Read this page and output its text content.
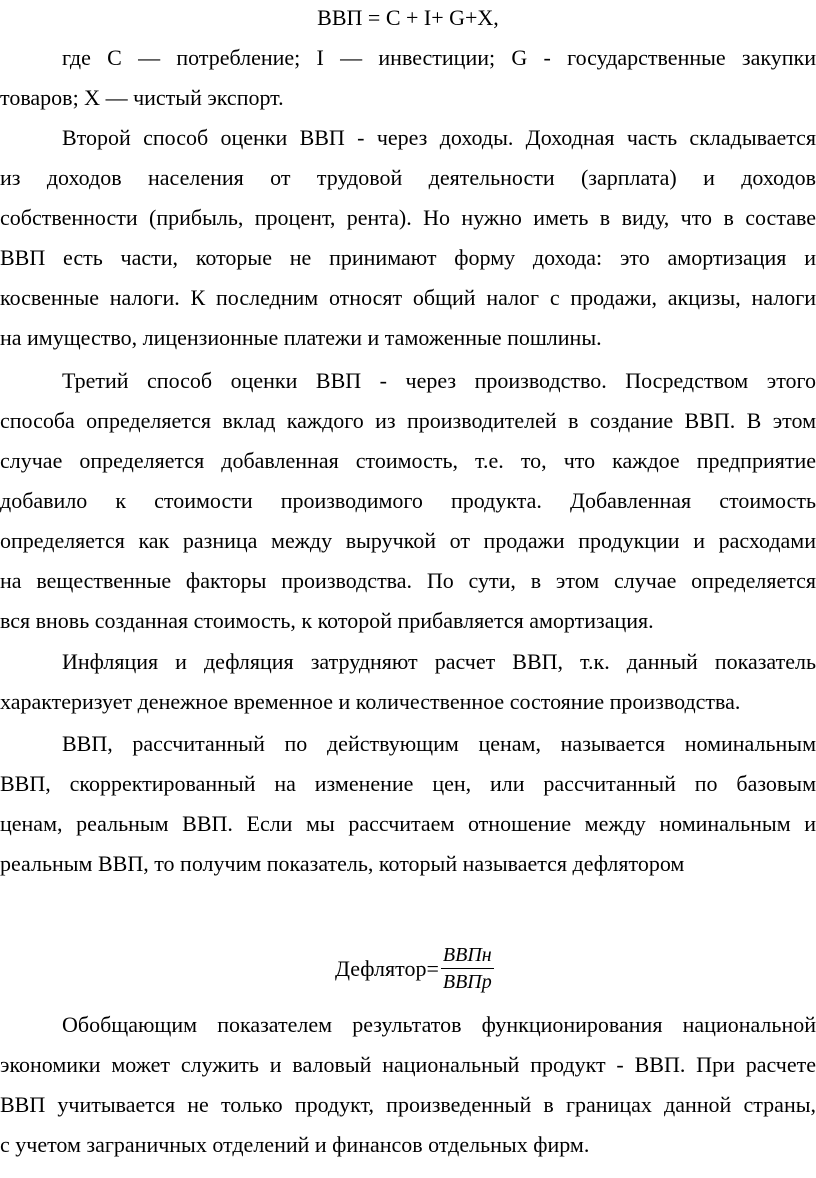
ВВП = С + I+ G+X,
где С — потребление; I — инвестиции; G - государственные закупки
товаров; Х — чистый экспорт.
Второй способ оценки ВВП - через доходы. Доходная часть складывается
из доходов населения от трудовой деятельности (зарплата) и доходов
собственности (прибыль, процент, рента). Но нужно иметь в виду, что в составе
ВВП есть части, которые не принимают форму дохода: это амортизация и
косвенные налоги. К последним относят общий налог с продажи, акцизы, налоги
на имущество, лицензионные платежи и таможенные пошлины.
Третий способ оценки ВВП - через производство. Посредством этого
способа определяется вклад каждого из производителей в создание ВВП. В этом
случае определяется добавленная стоимость, т.е. то, что каждое предприятие
добавило к стоимости производимого продукта. Добавленная стоимость
определяется как разница между выручкой от продажи продукции и расходами
на вещественные факторы производства. По сути, в этом случае определяется
вся вновь созданная стоимость, к которой прибавляется амортизация.
Инфляция и дефляция затрудняют расчет ВВП, т.к. данный показатель
характеризует денежное временное и количественное состояние производства.
ВВП, рассчитанный по действующим ценам, называется номинальным
ВВП, скорректированный на изменение цен, или рассчитанный по базовым
ценам, реальным ВВП. Если мы рассчитаем отношение между номинальным и
реальным ВВП, то получим показатель, который называется дефлятором
Дефлятор= $\frac{\text{ВВПн}}{\text{ВВПр}}$
Обобщающим показателем результатов функционирования национальной
экономики может служить и валовый национальный продукт - ВВП. При расчете
ВВП учитывается не только продукт, произведенный в границах данной страны,
с учетом заграничных отделений и финансов отдельных фирм.
